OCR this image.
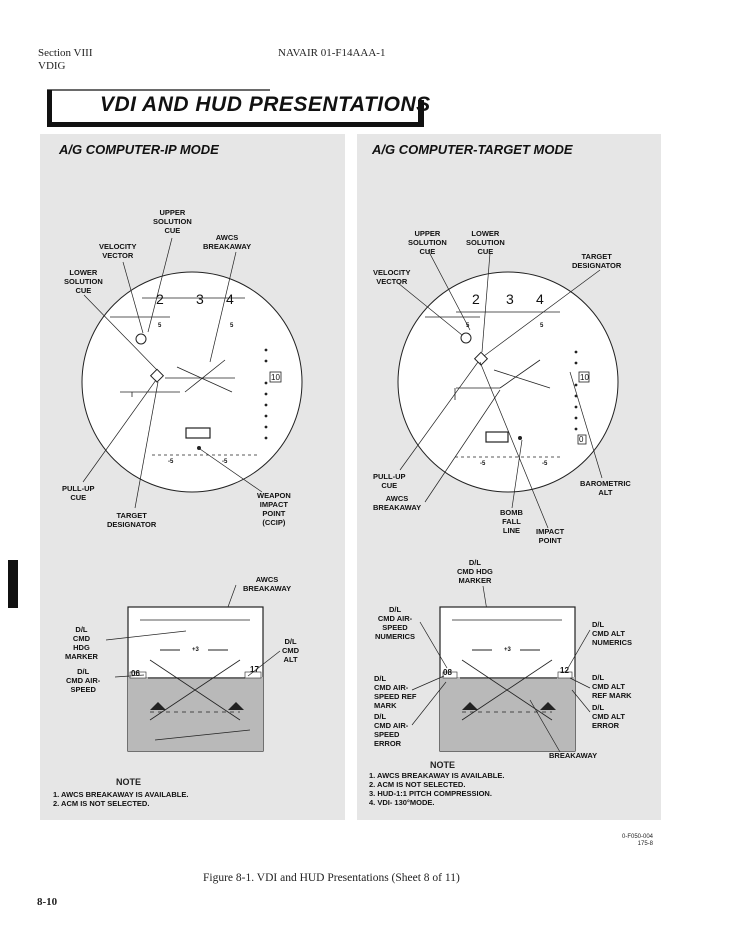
Section VIII
VDIG
NAVAIR 01-F14AAA-1
VDI AND HUD PRESENTATIONS
A/G COMPUTER-IP MODE	A/G COMPUTER-TARGET MODE
2 3 4
5	5
-5	-5
10
2 3 4
5	5
-5	-5
10
0
06	17
+3
08	12
+3
UPPER
SOLUTION
CUE
AWCS
BREAKAWAY
VELOCITY
VECTOR
LOWER
SOLUTION
CUE
PULL-UP
CUE
TARGET
DESIGNATOR
WEAPON
IMPACT
POINT
(CCIP)
AWCS
BREAKAWAY
D/L
CMD
HDG
MARKER
D/L
CMD AIR-
SPEED
D/L
CMD
ALT
NOTE
1. AWCS BREAKAWAY IS AVAILABLE.
2. ACM IS NOT SELECTED.
UPPER
SOLUTION
CUE
LOWER
SOLUTION
CUE
TARGET
DESIGNATOR
VELOCITY
VECTOR
PULL-UP
CUE
AWCS
BREAKAWAY
BAROMETRIC
ALT
BOMB
FALL
LINE	IMPACT
POINT
D/L
CMD HDG
MARKER
D/L
CMD AIR-
SPEED
NUMERICS
D/L
CMD ALT
NUMERICS
D/L
CMD AIR-
SPEED REF
MARK
D/L
CMD AIR-
SPEED
ERROR
D/L
CMD ALT
REF MARK
D/L
CMD ALT
ERROR
BREAKAWAY
NOTE
1. AWCS BREAKAWAY IS AVAILABLE.
2. ACM IS NOT SELECTED.
3. HUD-1:1 PITCH COMPRESSION.
4. VDI- 130°MODE.
0-F050-004
175-8
Figure 8-1. VDI and HUD Presentations (Sheet 8 of 11)
8-10
